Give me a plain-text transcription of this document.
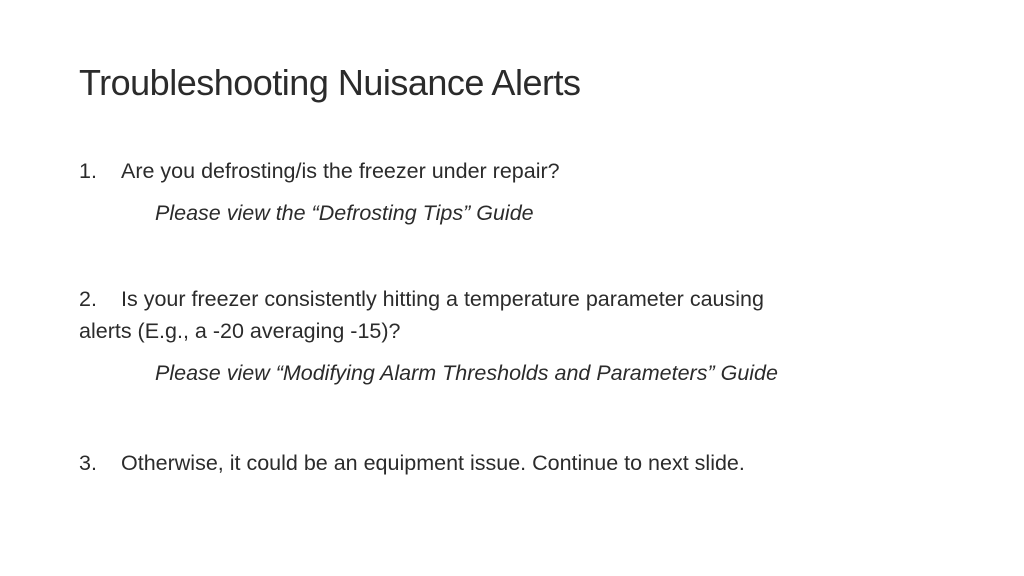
Troubleshooting Nuisance Alerts
1. Are you defrosting/is the freezer under repair?
Please view the “Defrosting Tips” Guide
2. Is your freezer consistently hitting a temperature parameter causing
alerts (E.g., a -20 averaging -15)?
Please view “Modifying Alarm Thresholds and Parameters” Guide
3. Otherwise, it could be an equipment issue. Continue to next slide.
